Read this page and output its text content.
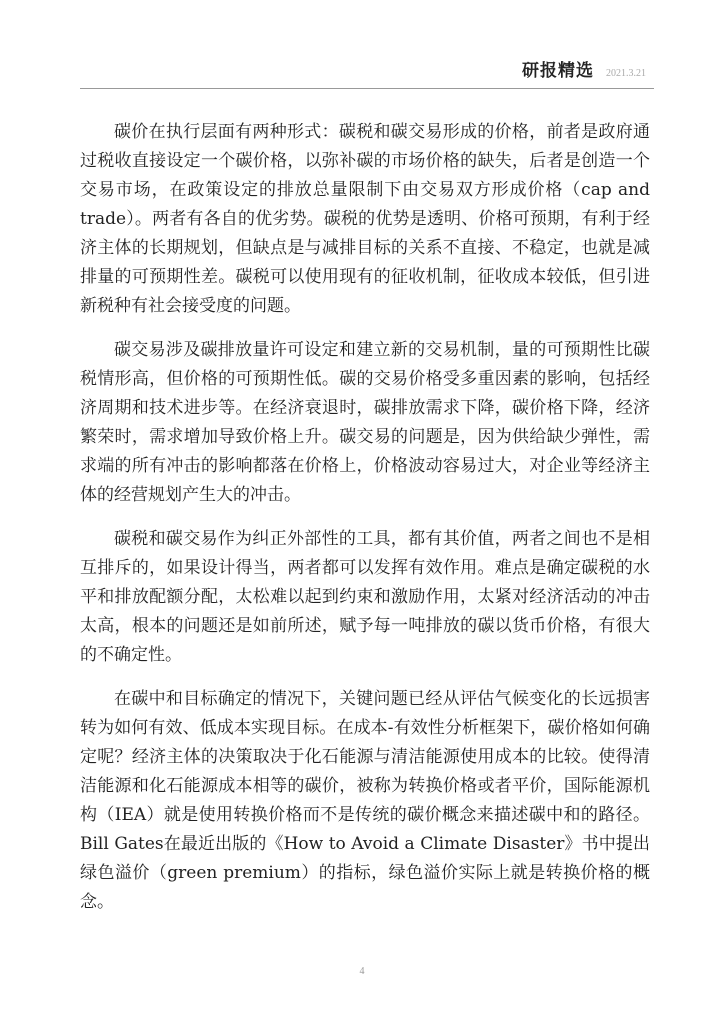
研报精选 2021.3.21

碳价在执行层面有两种形式：碳税和碳交易形成的价格，前者是政府通过税收直接设定一个碳价格，以弥补碳的市场价格的缺失，后者是创造一个交易市场，在政策设定的排放总量限制下由交易双方形成价格（cap and trade）。两者有各自的优劣势。碳税的优势是透明、价格可预期，有利于经济主体的长期规划，但缺点是与减排目标的关系不直接、不稳定，也就是减排量的可预期性差。碳税可以使用现有的征收机制，征收成本较低，但引进新税种有社会接受度的问题。

碳交易涉及碳排放量许可设定和建立新的交易机制，量的可预期性比碳税情形高，但价格的可预期性低。碳的交易价格受多重因素的影响，包括经济周期和技术进步等。在经济衰退时，碳排放需求下降，碳价格下降，经济繁荣时，需求增加导致价格上升。碳交易的问题是，因为供给缺少弹性，需求端的所有冲击的影响都落在价格上，价格波动容易过大，对企业等经济主体的经营规划产生大的冲击。

碳税和碳交易作为纠正外部性的工具，都有其价值，两者之间也不是相互排斥的，如果设计得当，两者都可以发挥有效作用。难点是确定碳税的水平和排放配额分配，太松难以起到约束和激励作用，太紧对经济活动的冲击太高，根本的问题还是如前所述，赋予每一吨排放的碳以货币价格，有很大的不确定性。

在碳中和目标确定的情况下，关键问题已经从评估气候变化的长远损害转为如何有效、低成本实现目标。在成本-有效性分析框架下，碳价格如何确定呢？经济主体的决策取决于化石能源与清洁能源使用成本的比较。使得清洁能源和化石能源成本相等的碳价，被称为转换价格或者平价，国际能源机构（IEA）就是使用转换价格而不是传统的碳价概念来描述碳中和的路径。Bill Gates在最近出版的《How to Avoid a Climate Disaster》书中提出绿色溢价（green premium）的指标，绿色溢价实际上就是转换价格的概念。

4
